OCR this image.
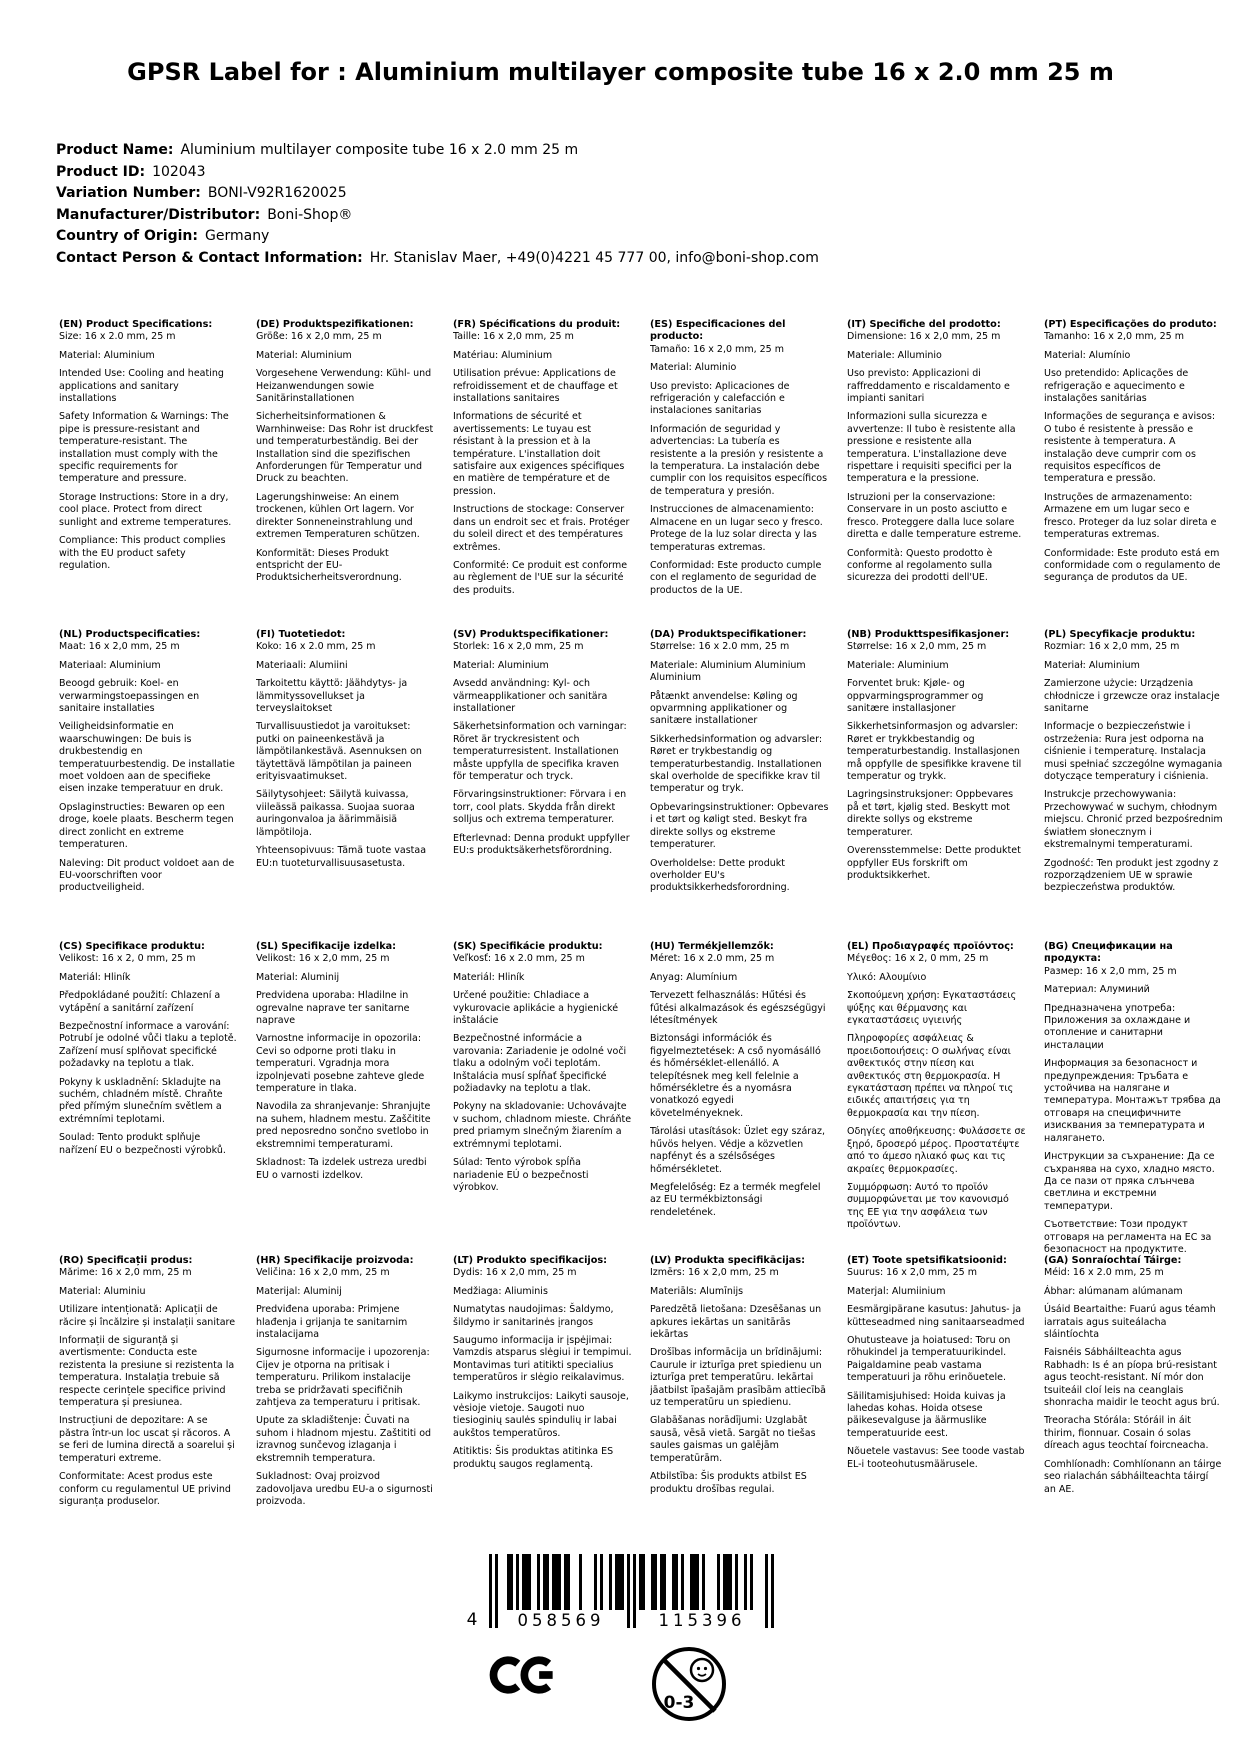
GPSR Label for : Aluminium multilayer composite tube 16 x 2.0 mm 25 m
Product Name: Aluminium multilayer composite tube 16 x 2.0 mm 25 m
Product ID: 102043
Variation Number: BONI-V92R1620025
Manufacturer/Distributor: Boni-Shop®
Country of Origin: Germany
Contact Person & Contact Information: Hr. Stanislav Maer, +49(0)4221 45 777 00, info@boni-shop.com
(EN) Product Specifications:

Size: 16 x 2.0 mm, 25 m

Material: Aluminium

Intended Use: Cooling and heating applications and sanitary installations

Safety Information & Warnings: The pipe is pressure-resistant and temperature-resistant. The installation must comply with the specific requirements for temperature and pressure.

Storage Instructions: Store in a dry, cool place. Protect from direct sunlight and extreme temperatures.

Compliance: This product complies with the EU product safety regulation.

(DE) Produktspezifikationen:

Größe: 16 x 2,0 mm, 25 m

Material: Aluminium

Vorgesehene Verwendung: Kühl- und Heizanwendungen sowie Sanitärinstallationen

Sicherheitsinformationen & Warnhinweise: Das Rohr ist druckfest und temperaturbeständig. Bei der Installation sind die spezifischen Anforderungen für Temperatur und Druck zu beachten.

Lagerungshinweise: An einem trockenen, kühlen Ort lagern. Vor direkter Sonneneinstrahlung und extremen Temperaturen schützen.

Konformität: Dieses Produkt entspricht der EU-Produktsicherheitsverordnung.

(FR) Spécifications du produit:

Taille: 16 x 2,0 mm, 25 m

Matériau: Aluminium

Utilisation prévue: Applications de refroidissement et de chauffage et installations sanitaires

Informations de sécurité et avertissements: Le tuyau est résistant à la pression et à la température. L'installation doit satisfaire aux exigences spécifiques en matière de température et de pression.

Instructions de stockage: Conserver dans un endroit sec et frais. Protéger du soleil direct et des températures extrêmes.

Conformité: Ce produit est conforme au règlement de l'UE sur la sécurité des produits.

(ES) Especificaciones del producto:

Tamaño: 16 x 2,0 mm, 25 m

Material: Aluminio

Uso previsto: Aplicaciones de refrigeración y calefacción e instalaciones sanitarias

Información de seguridad y advertencias: La tubería es resistente a la presión y resistente a la temperatura. La instalación debe cumplir con los requisitos específicos de temperatura y presión.

Instrucciones de almacenamiento: Almacene en un lugar seco y fresco. Protege de la luz solar directa y las temperaturas extremas.

Conformidad: Este producto cumple con el reglamento de seguridad de productos de la UE.

(IT) Specifiche del prodotto:

Dimensione: 16 x 2,0 mm, 25 m

Materiale: Alluminio

Uso previsto: Applicazioni di raffreddamento e riscaldamento e impianti sanitari

Informazioni sulla sicurezza e avvertenze: Il tubo è resistente alla pressione e resistente alla temperatura. L'installazione deve rispettare i requisiti specifici per la temperatura e la pressione.

Istruzioni per la conservazione: Conservare in un posto asciutto e fresco. Proteggere dalla luce solare diretta e dalle temperature estreme.

Conformità: Questo prodotto è conforme al regolamento sulla sicurezza dei prodotti dell'UE.

(PT) Especificações do produto:

Tamanho: 16 x 2,0 mm, 25 m

Material: Alumínio

Uso pretendido: Aplicações de refrigeração e aquecimento e instalações sanitárias

Informações de segurança e avisos: O tubo é resistente à pressão e resistente à temperatura. A instalação deve cumprir com os requisitos específicos de temperatura e pressão.

Instruções de armazenamento: Armazene em um lugar seco e fresco. Proteger da luz solar direta e temperaturas extremas.

Conformidade: Este produto está em conformidade com o regulamento de segurança de produtos da UE.

(NL) Productspecificaties:

Maat: 16 x 2,0 mm, 25 m

Materiaal: Aluminium

Beoogd gebruik: Koel- en verwarmingstoepassingen en sanitaire installaties

Veiligheidsinformatie en waarschuwingen: De buis is drukbestendig en temperatuurbestendig. De installatie moet voldoen aan de specifieke eisen inzake temperatuur en druk.

Opslaginstructies: Bewaren op een droge, koele plaats. Bescherm tegen direct zonlicht en extreme temperaturen.

Naleving: Dit product voldoet aan de EU-voorschriften voor productveiligheid.

(FI) Tuotetiedot:

Koko: 16 x 2.0 mm, 25 m

Materiaali: Alumiini

Tarkoitettu käyttö: Jäähdytys- ja lämmityssovellukset ja terveyslaitokset

Turvallisuustiedot ja varoitukset: putki on paineenkestävä ja lämpötilankestävä. Asennuksen on täytettävä lämpötilan ja paineen erityisvaatimukset.

Säilytysohjeet: Säilytä kuivassa, viileässä paikassa. Suojaa suoraa auringonvaloa ja äärimmäisiä lämpötiloja.

Yhteensopivuus: Tämä tuote vastaa EU:n tuoteturvallisuusasetusta.

(SV) Produktspecifikationer:

Storlek: 16 x 2,0 mm, 25 m

Material: Aluminium

Avsedd användning: Kyl- och värmeapplikationer och sanitära installationer

Säkerhetsinformation och varningar: Röret är tryckresistent och temperaturresistent. Installationen måste uppfylla de specifika kraven för temperatur och tryck.

Förvaringsinstruktioner: Förvara i en torr, cool plats. Skydda från direkt solljus och extrema temperaturer.

Efterlevnad: Denna produkt uppfyller EU:s produktsäkerhetsförordning.

(DA) Produktspecifikationer:

Størrelse: 16 x 2.0 mm, 25 m

Materiale: Aluminium Aluminium Aluminium

Påtænkt anvendelse: Køling og opvarmning applikationer og sanitære installationer

Sikkerhedsinformation og advarsler: Røret er trykbestandig og temperaturbestandig. Installationen skal overholde de specifikke krav til temperatur og tryk.

Opbevaringsinstruktioner: Opbevares i et tørt og køligt sted. Beskyt fra direkte sollys og ekstreme temperaturer.

Overholdelse: Dette produkt overholder EU's produktsikkerhedsforordning.

(NB) Produkttspesifikasjoner:

Størrelse: 16 x 2,0 mm, 25 m

Materiale: Aluminium

Forventet bruk: Kjøle- og oppvarmingsprogrammer og sanitære installasjoner

Sikkerhetsinformasjon og advarsler: Røret er trykkbestandig og temperaturbestandig. Installasjonen må oppfylle de spesifikke kravene til temperatur og trykk.

Lagringsinstruksjoner: Oppbevares på et tørt, kjølig sted. Beskytt mot direkte sollys og ekstreme temperaturer.

Overensstemmelse: Dette produktet oppfyller EUs forskrift om produktsikkerhet.

(PL) Specyfikacje produktu:

Rozmiar: 16 x 2,0 mm, 25 m

Materiał: Aluminium

Zamierzone użycie: Urządzenia chłodnicze i grzewcze oraz instalacje sanitarne

Informacje o bezpieczeństwie i ostrzeżenia: Rura jest odporna na ciśnienie i temperaturę. Instalacja musi spełniać szczególne wymagania dotyczące temperatury i ciśnienia.

Instrukcje przechowywania: Przechowywać w suchym, chłodnym miejscu. Chronić przed bezpośrednim światłem słonecznym i ekstremalnymi temperaturami.

Zgodność: Ten produkt jest zgodny z rozporządzeniem UE w sprawie bezpieczeństwa produktów.

(CS) Specifikace produktu:

Velikost: 16 x 2, 0 mm, 25 m

Materiál: Hliník

Předpokládané použití: Chlazení a vytápění a sanitární zařízení

Bezpečnostní informace a varování: Potrubí je odolné vůči tlaku a teplotě. Zařízení musí splňovat specifické požadavky na teplotu a tlak.

Pokyny k uskladnění: Skladujte na suchém, chladném místě. Chraňte před přímým slunečním světlem a extrémními teplotami.

Soulad: Tento produkt splňuje nařízení EU o bezpečnosti výrobků.

(SL) Specifikacije izdelka:

Velikost: 16 x 2,0 mm, 25 m

Material: Aluminij

Predvidena uporaba: Hladilne in ogrevalne naprave ter sanitarne naprave

Varnostne informacije in opozorila: Cevi so odporne proti tlaku in temperaturi. Vgradnja mora izpolnjevati posebne zahteve glede temperature in tlaka.

Navodila za shranjevanje: Shranjujte na suhem, hladnem mestu. Zaščitite pred neposredno sončno svetlobo in ekstremnimi temperaturami.

Skladnost: Ta izdelek ustreza uredbi EU o varnosti izdelkov.

(SK) Špecifikácie produktu:

Veľkosť: 16 x 2.0 mm, 25 m

Materiál: Hliník

Určené použitie: Chladiace a vykurovacie aplikácie a hygienické inštalácie

Bezpečnostné informácie a varovania: Zariadenie je odolné voči tlaku a odolným voči teplotám. Inštalácia musí spĺňať špecifické požiadavky na teplotu a tlak.

Pokyny na skladovanie: Uchovávajte v suchom, chladnom mieste. Chráňte pred priamym slnečným žiarením a extrémnymi teplotami.

Súlad: Tento výrobok spĺňa nariadenie EÚ o bezpečnosti výrobkov.

(HU) Termékjellemzők:

Méret: 16 x 2.0 mm, 25 m

Anyag: Alumínium

Tervezett felhasználás: Hűtési és fűtési alkalmazások és egészségügyi létesítmények

Biztonsági információk és figyelmeztetések: A cső nyomásálló és hőmérséklet-ellenálló. A telepítésnek meg kell felelnie a hőmérsékletre és a nyomásra vonatkozó egyedi követelményeknek.

Tárolási utasítások: Üzlet egy száraz, hűvös helyen. Védje a közvetlen napfényt és a szélsőséges hőmérsékletet.

Megfelelőség: Ez a termék megfelel az EU termékbiztonsági rendeletének.

(EL) Προδιαγραφές προϊόντος:

Μέγεθος: 16 x 2, 0 mm, 25 m

Υλικό: Αλουμίνιο

Σκοπούμενη χρήση: Εγκαταστάσεις ψύξης και θέρμανσης και εγκαταστάσεις υγιεινής

Πληροφορίες ασφάλειας & προειδοποιήσεις: Ο σωλήνας είναι ανθεκτικός στην πίεση και ανθεκτικός στη θερμοκρασία. Η εγκατάσταση πρέπει να πληροί τις ειδικές απαιτήσεις για τη θερμοκρασία και την πίεση.

Οδηγίες αποθήκευσης: Φυλάσσετε σε ξηρό, δροσερό μέρος. Προστατέψτε από το άμεσο ηλιακό φως και τις ακραίες θερμοκρασίες.

Συμμόρφωση: Αυτό το προϊόν συμμορφώνεται με τον κανονισμό της ΕΕ για την ασφάλεια των προϊόντων.

(BG) Спецификации на продукта:

Размер: 16 x 2,0 mm, 25 m

Материал: Алуминий

Предназначена употреба: Приложения за охлаждане и отопление и санитарни инсталации

Информация за безопасност и предупреждения: Тръбата е устойчива на налягане и температура. Монтажът трябва да отговаря на специфичните изисквания за температурата и налягането.

Инструкции за съхранение: Да се съхранява на сухо, хладно място. Да се пази от пряка слънчева светлина и екстремни температури.

Съответствие: Този продукт отговаря на регламента на ЕС за безопасност на продуктите.

(RO) Specificații produs:

Mărime: 16 x 2,0 mm, 25 m

Material: Aluminiu

Utilizare intenționată: Aplicații de răcire și încălzire și instalații sanitare

Informații de siguranță și avertismente: Conducta este rezistenta la presiune si rezistenta la temperatura. Instalația trebuie să respecte cerințele specifice privind temperatura și presiunea.

Instrucțiuni de depozitare: A se păstra într-un loc uscat și răcoros. A se feri de lumina directă a soarelui și temperaturi extreme.

Conformitate: Acest produs este conform cu regulamentul UE privind siguranța produselor.

(HR) Specifikacije proizvoda:

Veličina: 16 x 2,0 mm, 25 m

Materijal: Aluminij

Predviđena uporaba: Primjene hlađenja i grijanja te sanitarnim instalacijama

Sigurnosne informacije i upozorenja: Cijev je otporna na pritisak i temperaturu. Prilikom instalacije treba se pridržavati specifičnih zahtjeva za temperaturu i pritisak.

Upute za skladištenje: Čuvati na suhom i hladnom mjestu. Zaštititi od izravnog sunčevog izlaganja i ekstremnih temperatura.

Sukladnost: Ovaj proizvod zadovoljava uredbu EU-a o sigurnosti proizvoda.

(LT) Produkto specifikacijos:

Dydis: 16 x 2,0 mm, 25 m

Medžiaga: Aliuminis

Numatytas naudojimas: Šaldymo, šildymo ir sanitarinės įrangos

Saugumo informacija ir įspėjimai: Vamzdis atsparus slėgiui ir tempimui. Montavimas turi atitikti specialius temperatūros ir slėgio reikalavimus.

Laikymo instrukcijos: Laikyti sausoje, vėsioje vietoje. Saugoti nuo tiesioginių saulės spindulių ir labai aukštos temperatūros.

Atitiktis: Šis produktas atitinka ES produktų saugos reglamentą.

(LV) Produkta specifikācijas:

Izmērs: 16 x 2,0 mm, 25 m

Materiāls: Alumīnijs

Paredzētā lietošana: Dzesēšanas un apkures iekārtas un sanitārās iekārtas

Drošības informācija un brīdinājumi: Caurule ir izturīga pret spiedienu un izturīga pret temperatūru. Iekārtai jāatbilst īpašajām prasībām attiecībā uz temperatūru un spiedienu.

Glabāšanas norādījumi: Uzglabāt sausā, vēsā vietā. Sargāt no tiešas saules gaismas un galējām temperatūrām.

Atbilstība: Šis produkts atbilst ES produktu drošības regulai.

(ET) Toote spetsifikatsioonid:

Suurus: 16 x 2,0 mm, 25 m

Materjal: Alumiinium

Eesmärgipärane kasutus: Jahutus- ja kütteseadmed ning sanitaarseadmed

Ohutusteave ja hoiatused: Toru on rõhukindel ja temperatuurikindel. Paigaldamine peab vastama temperatuuri ja rõhu erinõuetele.

Säilitamisjuhised: Hoida kuivas ja lahedas kohas. Hoida otsese päikesevalguse ja äärmuslike temperatuuride eest.

Nõuetele vastavus: See toode vastab EL-i tooteohutusmäärusele.

(GA) Sonraíochtaí Táirge:

Méid: 16 x 2.0 mm, 25 m

Ábhar: alúmanam alúmanam

Úsáid Beartaithe: Fuarú agus téamh iarratais agus suiteálacha sláintíochta

Faisnéis Sábháilteachta agus Rabhadh: Is é an píopa brú-resistant agus teocht-resistant. Ní mór don tsuiteáil cloí leis na ceanglais shonracha maidir le teocht agus brú.

Treoracha Stórála: Stóráil in áit thirim, fionnuar. Cosain ó solas díreach agus teochtaí foircneacha.

Comhlíonadh: Comhlíonann an táirge seo rialachán sábháilteachta táirgí an AE.

4 058569	115396
0-3
